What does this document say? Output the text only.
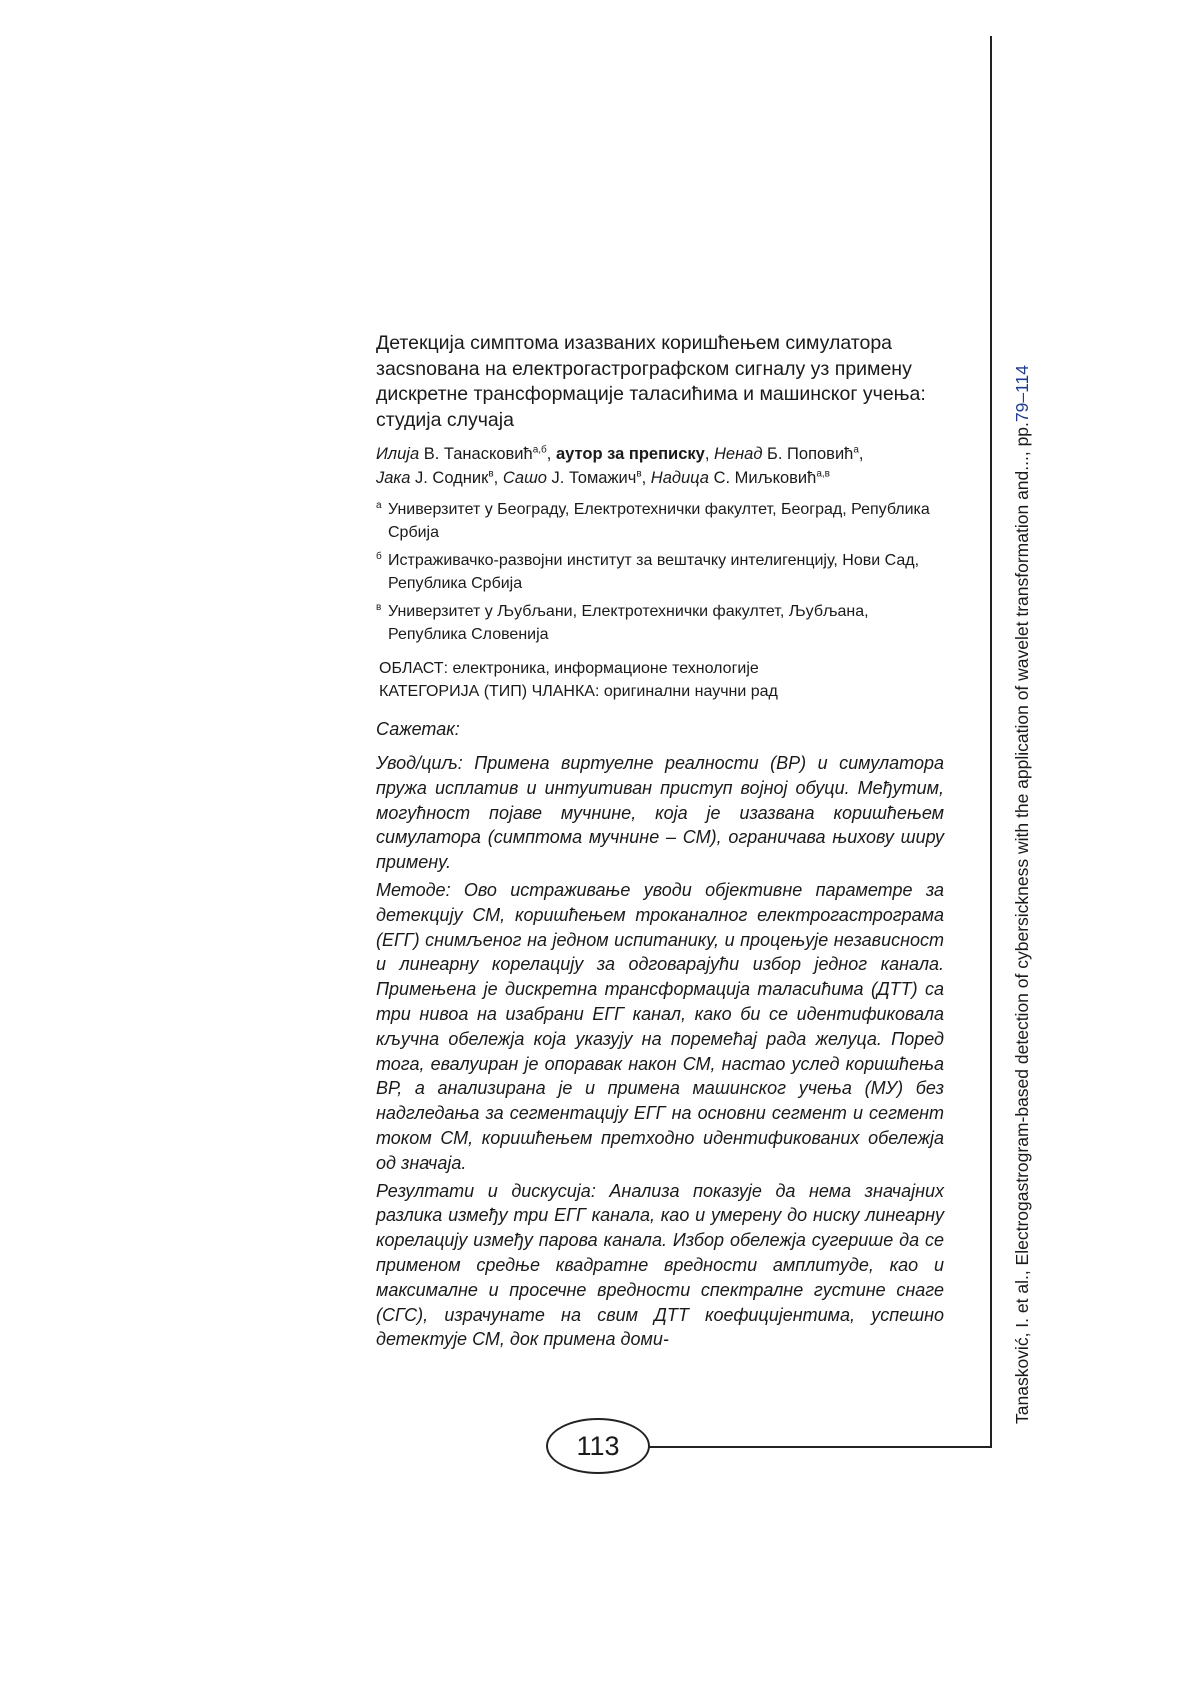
113
Tanasković, I. et al., Electrogastrogram-based detection of cybersickness with the application of wavelet transformation and..., pp.79–114

Детекција симптома изазваних коришћењем симулатора засsnована на електрогастрографском сигналу уз примену дискретне трансформације таласићима и машинског учења: студија случаја

Илија В. Танасковић$^{а,б}$, аутор за преписку, Ненад Б. Поповић$^а$,
Јака Ј. Содник$^в$, Сашо Ј. Томажич$^в$, Надица С. Миљковић$^{а,в}$

а Универзитет у Београду, Електротехнички факултет, Београд, Република Србија

б Истраживачко-развојни институт за вештачку интелигенцију, Нови Сад, Република Србија

в Универзитет у Љубљани, Електротехнички факултет, Љубљана, Република Словенија

ОБЛАСТ: електроника, информационе технологије
КАТЕГОРИЈА (ТИП) ЧЛАНКА: оригинални научни рад

Сажетак:

Увод/циљ: Примена виртуелне реалности (ВР) и симулатора пружа исплатив и интуитиван приступ војној обуци. Међутим, могућност појаве мучнине, која је изазвана коришћењем симулатора (симптома мучнине – СМ), ограничава њихову ширу примену.

Методе: Ово истраживање уводи објективне параметре за детекцију СМ, коришћењем троканалног електрогастрограма (ЕГГ) снимљеног на једном испитанику, и процењује независност и линеарну корелацију за одговарајући избор једног канала. Примењена је дискретна трансформација таласићима (ДТТ) са три нивоа на изабрани ЕГГ канал, како би се идентификовала кључна обележја која указују на поремећај рада желуца. Поред тога, евалуиран је опоравак након СМ, настао услед коришћења ВР, а анализирана је и примена машинског учења (МУ) без надгледања за сегментацију ЕГГ на основни сегмент и сегмент током СМ, коришћењем претходно идентификованих обележја од значаја.

Резултати и дискусија: Анализа показује да нема значајних разлика између три ЕГГ канала, као и умерену до ниску линеарну корелацију између парова канала. Избор обележја сугерише да се применом средње квадратне вредности амплитуде, као и максималне и просечне вредности спектралне густине снаге (СГС), израчунате на свим ДТТ коефицијентима, успешно детектује СМ, док примена доми-
